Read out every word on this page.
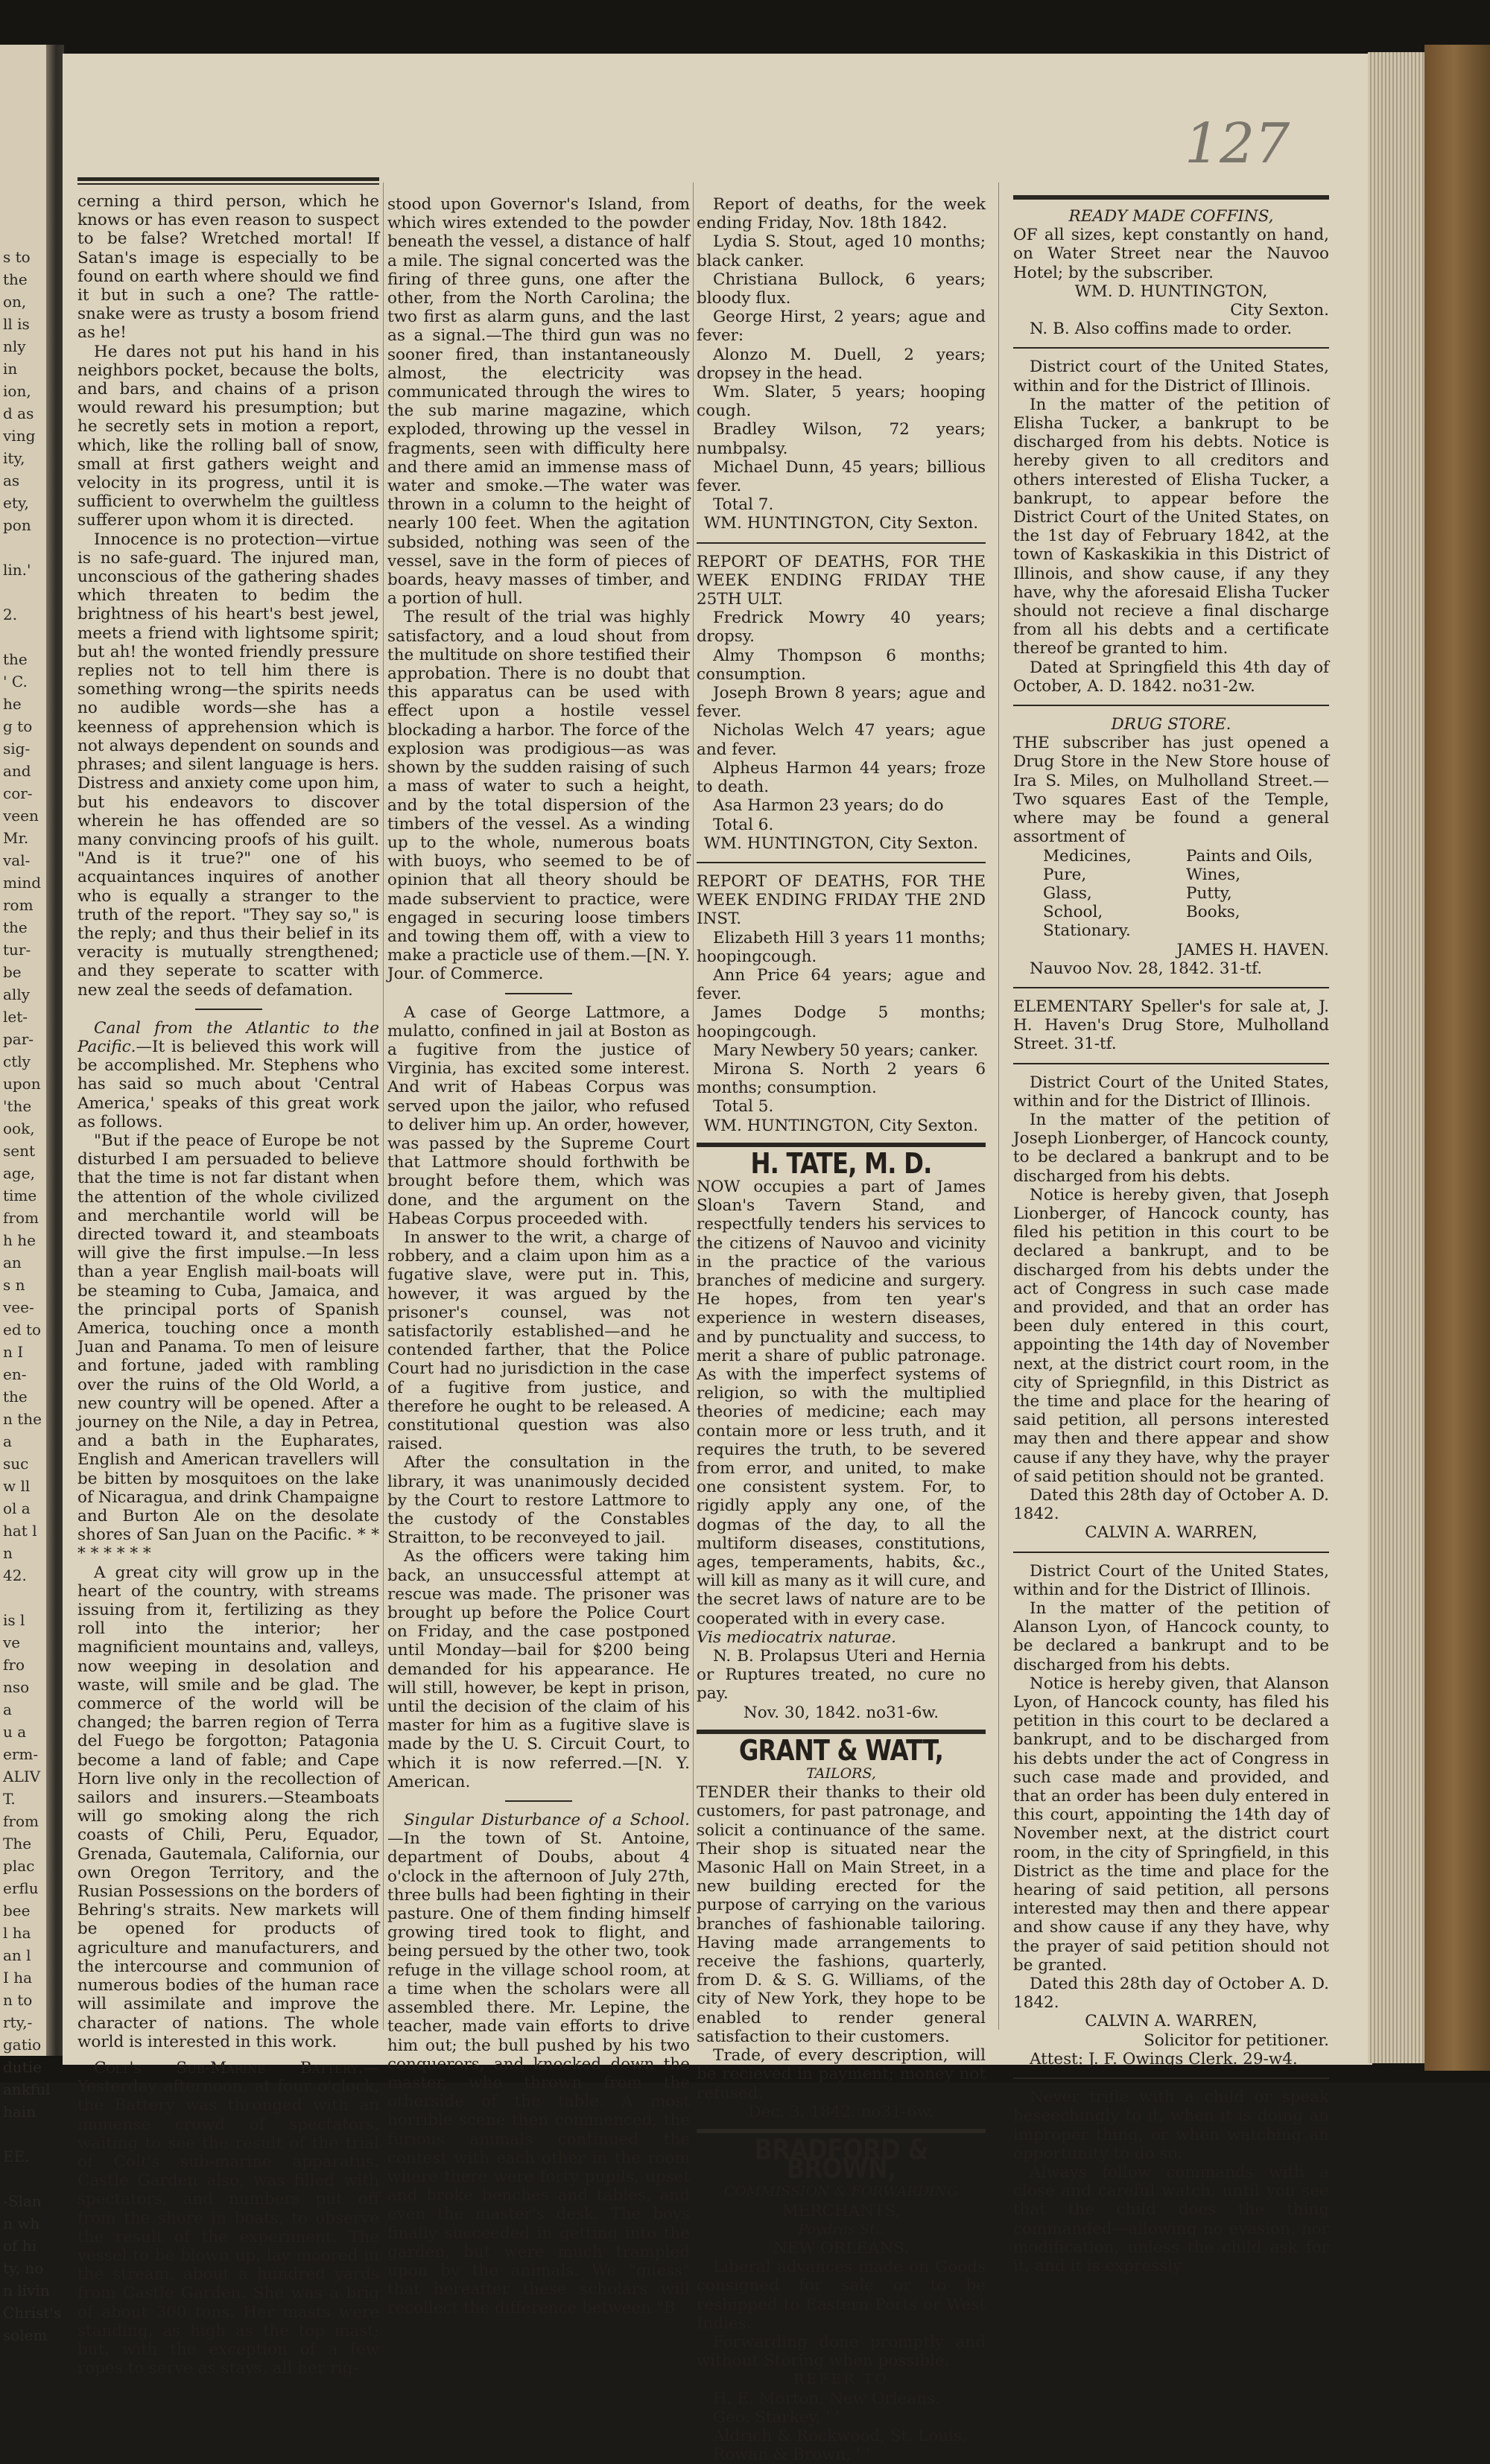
s to
the
on,
ll is
nly
in
ion,
d as
ving
ity,
as
ety,
pon

lin.'

2.

the
' C.
he
g to
sig-
and
cor-
veen
Mr.
val-
mind
rom
the
tur-
be
ally
let-
par-
ctly
upon
'the
ook,
sent
age,
time
from
h he
an
s n
vee-
ed to
n I
en-
the
n the
a
suc
w ll
ol a
hat l
n
42.

is l
ve
fro
nso
a
u a
erm-
ALIV
T.
from
The
plac
erflu
bee
l ha
an l
I ha
n to
rty,-
gatio
dutie
ankful
hain

EE.

-Slan
n wh
of hi
ty, no
n livin
Christ's
solem
127

cerning a third person, which he knows or has even reason to suspect to be false? Wretched mortal! If Satan's image is especially to be found on earth where should we find it but in such a one? The rattle-snake were as trusty a bosom friend as he!

He dares not put his hand in his neighbors pocket, because the bolts, and bars, and chains of a prison would reward his presumption; but he secretly sets in motion a report, which, like the rolling ball of snow, small at first gathers weight and velocity in its progress, until it is sufficient to overwhelm the guiltless sufferer upon whom it is directed.

Innocence is no protection—virtue is no safe-guard. The injured man, unconscious of the gathering shades which threaten to bedim the brightness of his heart's best jewel, meets a friend with lightsome spirit; but ah! the wonted friendly pressure replies not to tell him there is something wrong—the spirits needs no audible words—she has a keenness of apprehension which is not always dependent on sounds and phrases; and silent language is hers. Distress and anxiety come upon him, but his endeavors to discover wherein he has offended are so many convincing proofs of his guilt. "And is it true?" one of his acquaintances inquires of another who is equally a stranger to the truth of the report. "They say so," is the reply; and thus their belief in its veracity is mutually strengthened; and they seperate to scatter with new zeal the seeds of defamation.

Canal from the Atlantic to the Pacific.—It is believed this work will be accomplished. Mr. Stephens who has said so much about 'Central America,' speaks of this great work as follows.

"But if the peace of Europe be not disturbed I am persuaded to believe that the time is not far distant when the attention of the whole civilized and merchantile world will be directed toward it, and steamboats will give the first impulse.—In less than a year English mail-boats will be steaming to Cuba, Jamaica, and the principal ports of Spanish America, touching once a month Juan and Panama. To men of leisure and fortune, jaded with rambling over the ruins of the Old World, a new country will be opened. After a journey on the Nile, a day in Petrea, and a bath in the Eupharates, English and American travellers will be bitten by mosquitoes on the lake of Nicaragua, and drink Champaigne and Burton Ale on the desolate shores of San Juan on the Pacific. * * * * * * * *

A great city will grow up in the heart of the country, with streams issuing from it, fertilizing as they roll into the interior; her magnificient mountains and, valleys, now weeping in desolation and waste, will smile and be glad. The commerce of the world will be changed; the barren region of Terra del Fuego be forgotton; Patagonia become a land of fable; and Cape Horn live only in the recollection of sailors and insurers.—Steamboats will go smoking along the rich coasts of Chili, Peru, Equador, Grenada, Gautemala, California, our own Oregon Territory, and the Rusian Possessions on the borders of Behring's straits. New markets will be opened for products of agriculture and manufacturers, and the intercourse and communion of numerous bodies of the human race will assimilate and improve the character of nations. The whole world is interested in this work.

Colt's Sub-Marine Battery.—Yesterday afternoon, at four o'clock, the Battery was thronged with an immense crowd of spectators, waiting to see the result of the trial of Colt's sub-marine apparatus. Castle Garden also, was filled with spectators, and numbers put off from the shore in boats, to observe the result of the experiment. The vessel to be blown up, lay moored in the stream, about a hundred yards from Castle Garden. She was a brig of about 300 tons. Her masts were standing, as high as the top mast; but, with the exception of a few ropes to serve as stays, all her rig-

stood upon Governor's Island, from which wires extended to the powder beneath the vessel, a distance of half a mile. The signal concerted was the firing of three guns, one after the other, from the North Carolina; the two first as alarm guns, and the last as a signal.—The third gun was no sooner fired, than instantaneously almost, the electricity was communicated through the wires to the sub marine magazine, which exploded, throwing up the vessel in fragments, seen with difficulty here and there amid an immense mass of water and smoke.—The water was thrown in a column to the height of nearly 100 feet. When the agitation subsided, nothing was seen of the vessel, save in the form of pieces of boards, heavy masses of timber, and a portion of hull.

The result of the trial was highly satisfactory, and a loud shout from the multitude on shore testified their approbation. There is no doubt that this apparatus can be used with effect upon a hostile vessel blockading a harbor. The force of the explosion was prodigious—as was shown by the sudden raising of such a mass of water to such a height, and by the total dispersion of the timbers of the vessel. As a winding up to the whole, numerous boats with buoys, who seemed to be of opinion that all theory should be made subservient to practice, were engaged in securing loose timbers and towing them off, with a view to make a practicle use of them.—[N. Y. Jour. of Commerce.

A case of George Lattmore, a mulatto, confined in jail at Boston as a fugitive from the justice of Virginia, has excited some interest. And writ of Habeas Corpus was served upon the jailor, who refused to deliver him up. An order, however, was passed by the Supreme Court that Lattmore should forthwith be brought before them, which was done, and the argument on the Habeas Corpus proceeded with.

In answer to the writ, a charge of robbery, and a claim upon him as a fugative slave, were put in. This, however, it was argued by the prisoner's counsel, was not satisfactorily established—and he contended farther, that the Police Court had no jurisdiction in the case of a fugitive from justice, and therefore he ought to be released. A constitutional question was also raised.

After the consultation in the library, it was unanimously decided by the Court to restore Lattmore to the custody of the Constables Straitton, to be reconveyed to jail.

As the officers were taking him back, an unsuccessful attempt at rescue was made. The prisoner was brought up before the Police Court on Friday, and the case postponed until Monday—bail for $200 being demanded for his appearance. He will still, however, be kept in prison, until the decision of the claim of his master for him as a fugitive slave is made by the U. S. Circuit Court, to which it is now referred.—[N. Y. American.

Singular Disturbance of a School.—In the town of St. Antoine, department of Doubs, about 4 o'clock in the afternoon of July 27th, three bulls had been fighting in their pasture. One of them finding himself growing tired took to flight, and being persued by the other two, took refuge in the village school room, at a time when the scholars were all assembled there. Mr. Lepine, the teacher, made vain efforts to drive him out; the bull pushed by his two conquerors, and knocked down the master, who thrown from the otherside of the table. A most horrible scene then commenced, the furious animals continued the contest with each other in the room where there were forty pupils, upset and broke benches and tables, and even the master's desk. The boys finally succeeded in getting into the garden, but were much trampled upon by the animals. We "guess" that hereafter these scholars will recollect the difference between "B

Report of deaths, for the week ending Friday, Nov. 18th 1842.

Lydia S. Stout, aged 10 months; black canker.

Christiana Bullock, 6 years; bloody flux.

George Hirst, 2 years; ague and fever:

Alonzo M. Duell, 2 years; dropsey in the head.

Wm. Slater, 5 years; hooping cough.

Bradley Wilson, 72 years; numbpalsy.

Michael Dunn, 45 years; billious fever.

Total 7.

WM. HUNTINGTON, City Sexton.

REPORT OF DEATHS, FOR THE WEEK ENDING FRIDAY THE 25TH ULT.

Fredrick Mowry 40 years; dropsy.

Almy Thompson 6 months; consumption.

Joseph Brown 8 years; ague and fever.

Nicholas Welch 47 years; ague and fever.

Alpheus Harmon 44 years; froze to death.

Asa Harmon 23 years; do do

Total 6.

WM. HUNTINGTON, City Sexton.

REPORT OF DEATHS, FOR THE WEEK ENDING FRIDAY THE 2ND INST.

Elizabeth Hill 3 years 11 months; hoopingcough.

Ann Price 64 years; ague and fever.

James Dodge 5 months; hoopingcough.

Mary Newbery 50 years; canker.

Mirona S. North 2 years 6 months; consumption.

Total 5.

WM. HUNTINGTON, City Sexton.

H. TATE, M. D.

NOW occupies a part of James Sloan's Tavern Stand, and respectfully tenders his services to the citizens of Nauvoo and vicinity in the practice of the various branches of medicine and surgery. He hopes, from ten year's experience in western diseases, and by punctuality and success, to merit a share of public patronage. As with the imperfect systems of religion, so with the multiplied theories of medicine; each may contain more or less truth, and it requires the truth, to be severed from error, and united, to make one consistent system. For, to rigidly apply any one, of the dogmas of the day, to all the multiform diseases, constitutions, ages, temperaments, habits, &c., will kill as many as it will cure, and the secret laws of nature are to be cooperated with in every case.

Vis mediocatrix naturae.

N. B. Prolapsus Uteri and Hernia or Ruptures treated, no cure no pay.

Nov. 30, 1842. no31-6w.

GRANT & WATT,

TAILORS,

TENDER their thanks to their old customers, for past patronage, and solicit a continuance of the same. Their shop is situated near the Masonic Hall on Main Street, in a new building erected for the purpose of carrying on the various branches of fashionable tailoring. Having made arrangements to receive the fashions, quarterly, from D. & S. G. Williams, of the city of New York, they hope to be enabled to render general satisfaction to their customers.

Trade, of every description, will be recieved in payment; money not refused.

Dec. 3, 1842. no31-6w.

BRADFORD & BROWN,

COMMISSION & FORWARDING

MERCHANTS,

Poydras St.,

NEW ORLEANS.

Liberal advances made on Goods consigned for sale or to be reshipped to Eastern Ports or West Indies.

Forwarding done promptly and without Storing when possible.

REFER TO

H. E. Morton, New Orleans.

Geo. Starkey, ' '

Aldrich & Rockwood, St. Louis.

Rowan & Brown, ' '

READY MADE COFFINS,

OF all sizes, kept constantly on hand, on Water Street near the Nauvoo Hotel; by the subscriber.

WM. D. HUNTINGTON,

City Sexton.

N. B. Also coffins made to order.

District court of the United States, within and for the District of Illinois.

In the matter of the petition of Elisha Tucker, a bankrupt to be discharged from his debts. Notice is hereby given to all creditors and others interested of Elisha Tucker, a bankrupt, to appear before the District Court of the United States, on the 1st day of February 1842, at the town of Kaskaskikia in this District of Illinois, and show cause, if any they have, why the aforesaid Elisha Tucker should not recieve a final discharge from all his debts and a certificate thereof be granted to him.

Dated at Springfield this 4th day of October, A. D. 1842. no31-2w.

DRUG STORE.

THE subscriber has just opened a Drug Store in the New Store house of Ira S. Miles, on Mulholland Street.—Two squares East of the Temple, where may be found a general assortment of

Medicines,	Paints and Oils,
Pure,	Wines,
Glass,	Putty,
School,	Books,
Stationary.

JAMES H. HAVEN.

Nauvoo Nov. 28, 1842. 31-tf.

ELEMENTARY Speller's for sale at, J. H. Haven's Drug Store, Mulholland Street. 31-tf.

District Court of the United States, within and for the District of Illinois.

In the matter of the petition of Joseph Lionberger, of Hancock county, to be declared a bankrupt and to be discharged from his debts.

Notice is hereby given, that Joseph Lionberger, of Hancock county, has filed his petition in this court to be declared a bankrupt, and to be discharged from his debts under the act of Congress in such case made and provided, and that an order has been duly entered in this court, appointing the 14th day of November next, at the district court room, in the city of Spriegnfild, in this District as the time and place for the hearing of said petition, all persons interested may then and there appear and show cause if any they have, why the prayer of said petition should not be granted.

Dated this 28th day of October A. D. 1842.

CALVIN A. WARREN,

District Court of the United States, within and for the District of Illinois.

In the matter of the petition of Alanson Lyon, of Hancock county, to be declared a bankrupt and to be discharged from his debts.

Notice is hereby given, that Alanson Lyon, of Hancock county, has filed his petition in this court to be declared a bankrupt, and to be discharged from his debts under the act of Congress in such case made and provided, and that an order has been duly entered in this court, appointing the 14th day of November next, at the district court room, in the city of Springfield, in this District as the time and place for the hearing of said petition, all persons interested may then and there appear and show cause if any they have, why the prayer of said petition should not be granted.

Dated this 28th day of October A. D. 1842.

CALVIN A. WARREN,

Solicitor for petitioner.

Attest: J. F. Owings Clerk. 29-w4.

Never trifle with a child or speak beseechingly to it, when it is doing an improper thing, or when watching an opportunity to do so.

Always follow commands with a close and careful watch, until you see that the child does the thing commanded—allowing no evasion, nor modification, unless the child ask for it, and it is expressly
